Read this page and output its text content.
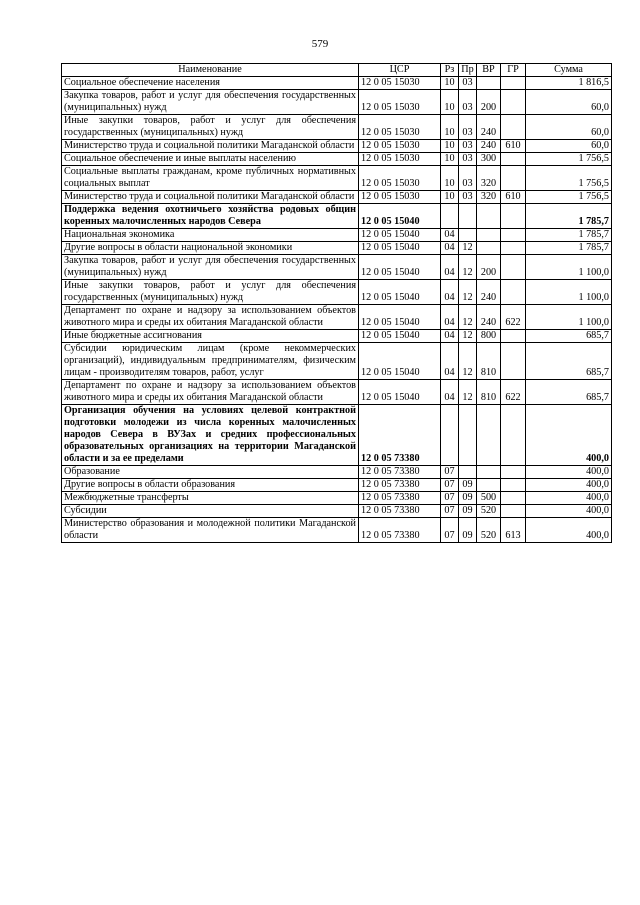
579
Наименование	ЦСР	Рз	Пр	ВР	ГР	Сумма
Социальное обеспечение населения	12 0 05 15030	10	03			1 816,5
Закупка товаров, работ и услуг для обеспечения государственных (муниципальных) нужд	12 0 05 15030	10	03	200		60,0
Иные закупки товаров, работ и услуг для обеспечения государственных (муниципальных) нужд	12 0 05 15030	10	03	240		60,0
Министерство труда и социальной политики Магаданской области	12 0 05 15030	10	03	240	610	60,0
Социальное обеспечение и иные выплаты населению	12 0 05 15030	10	03	300		1 756,5
Социальные выплаты гражданам, кроме публичных нормативных социальных выплат	12 0 05 15030	10	03	320		1 756,5
Министерство труда и социальной политики Магаданской области	12 0 05 15030	10	03	320	610	1 756,5
Поддержка ведения охотничьего хозяйства родовых общин коренных малочисленных народов Севера	12 0 05 15040					1 785,7
Национальная экономика	12 0 05 15040	04				1 785,7
Другие вопросы в области национальной экономики	12 0 05 15040	04	12			1 785,7
Закупка товаров, работ и услуг для обеспечения государственных (муниципальных) нужд	12 0 05 15040	04	12	200		1 100,0
Иные закупки товаров, работ и услуг для обеспечения государственных (муниципальных) нужд	12 0 05 15040	04	12	240		1 100,0
Департамент по охране и надзору за использованием объектов животного мира и среды их обитания Магаданской области	12 0 05 15040	04	12	240	622	1 100,0
Иные бюджетные ассигнования	12 0 05 15040	04	12	800		685,7
Субсидии юридическим лицам (кроме некоммерческих организаций), индивидуальным предпринимателям, физическим лицам - производителям товаров, работ, услуг	12 0 05 15040	04	12	810		685,7
Департамент по охране и надзору за использованием объектов животного мира и среды их обитания Магаданской области	12 0 05 15040	04	12	810	622	685,7
Организация обучения на условиях целевой контрактной подготовки молодежи из числа коренных малочисленных народов Севера в ВУЗах и средних профессиональных образовательных организациях на территории Магаданской области и за ее пределами	12 0 05 73380					400,0
Образование	12 0 05 73380	07				400,0
Другие вопросы в области образования	12 0 05 73380	07	09			400,0
Межбюджетные трансферты	12 0 05 73380	07	09	500		400,0
Субсидии	12 0 05 73380	07	09	520		400,0
Министерство образования и молодежной политики Магаданской области	12 0 05 73380	07	09	520	613	400,0
